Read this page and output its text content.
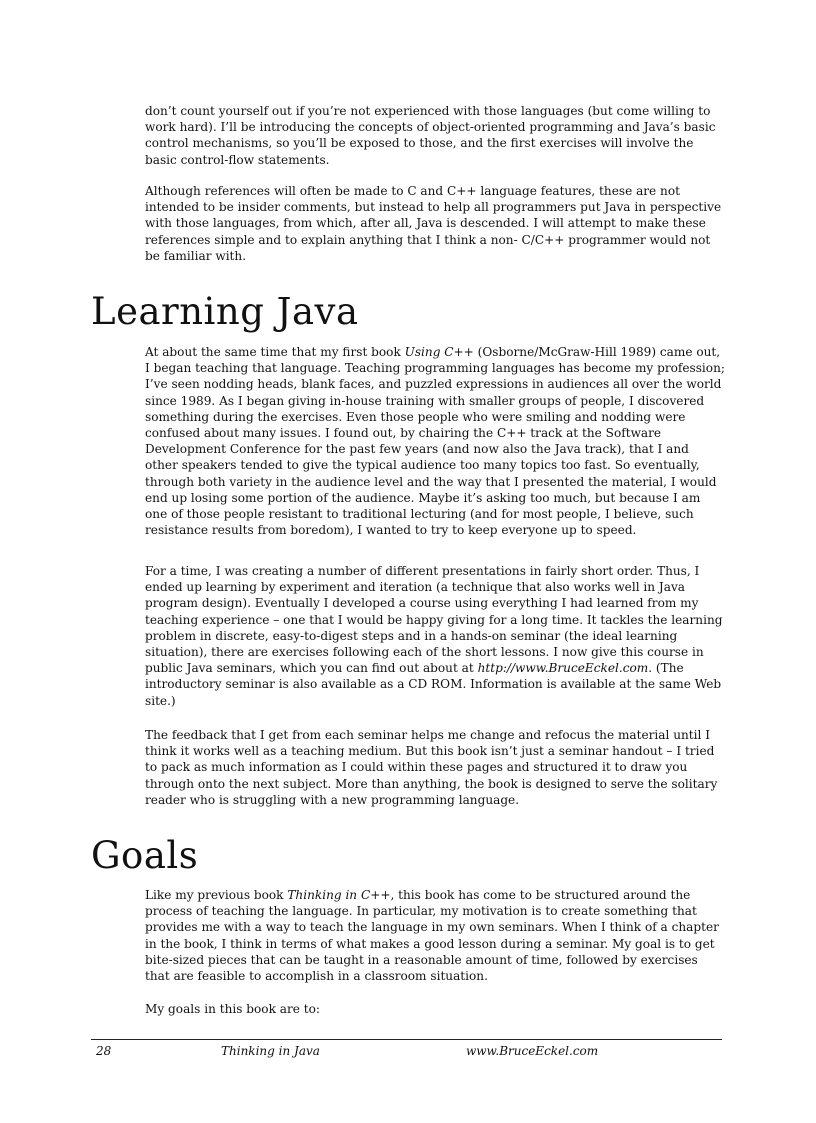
don’t count yourself out if you’re not experienced with those languages (but come willing to work hard). I’ll be introducing the concepts of object-oriented programming and Java’s basic control mechanisms, so you’ll be exposed to those, and the first exercises will involve the basic control-flow statements.

Although references will often be made to C and C++ language features, these are not intended to be insider comments, but instead to help all programmers put Java in perspective with those languages, from which, after all, Java is descended. I will attempt to make these references simple and to explain anything that I think a non- C/C++ programmer would not be familiar with.

Learning Java

At about the same time that my first book Using C++ (Osborne/McGraw-Hill 1989) came out, I began teaching that language. Teaching programming languages has become my profession; I’ve seen nodding heads, blank faces, and puzzled expressions in audiences all over the world since 1989. As I began giving in-house training with smaller groups of people, I discovered something during the exercises. Even those people who were smiling and nodding were confused about many issues. I found out, by chairing the C++ track at the Software Development Conference for the past few years (and now also the Java track), that I and other speakers tended to give the typical audience too many topics too fast. So eventually, through both variety in the audience level and the way that I presented the material, I would end up losing some portion of the audience. Maybe it’s asking too much, but because I am one of those people resistant to traditional lecturing (and for most people, I believe, such resistance results from boredom), I wanted to try to keep everyone up to speed.

For a time, I was creating a number of different presentations in fairly short order. Thus, I ended up learning by experiment and iteration (a technique that also works well in Java program design). Eventually I developed a course using everything I had learned from my teaching experience – one that I would be happy giving for a long time. It tackles the learning problem in discrete, easy-to-digest steps and in a hands-on seminar (the ideal learning situation), there are exercises following each of the short lessons. I now give this course in public Java seminars, which you can find out about at http://www.BruceEckel.com. (The introductory seminar is also available as a CD ROM. Information is available at the same Web site.)

The feedback that I get from each seminar helps me change and refocus the material until I think it works well as a teaching medium. But this book isn’t just a seminar handout – I tried to pack as much information as I could within these pages and structured it to draw you through onto the next subject. More than anything, the book is designed to serve the solitary reader who is struggling with a new programming language.

Goals

Like my previous book Thinking in C++, this book has come to be structured around the process of teaching the language. In particular, my motivation is to create something that provides me with a way to teach the language in my own seminars. When I think of a chapter in the book, I think in terms of what makes a good lesson during a seminar. My goal is to get bite-sized pieces that can be taught in a reasonable amount of time, followed by exercises that are feasible to accomplish in a classroom situation.

My goals in this book are to:

28	Thinking in Java	www.BruceEckel.com
